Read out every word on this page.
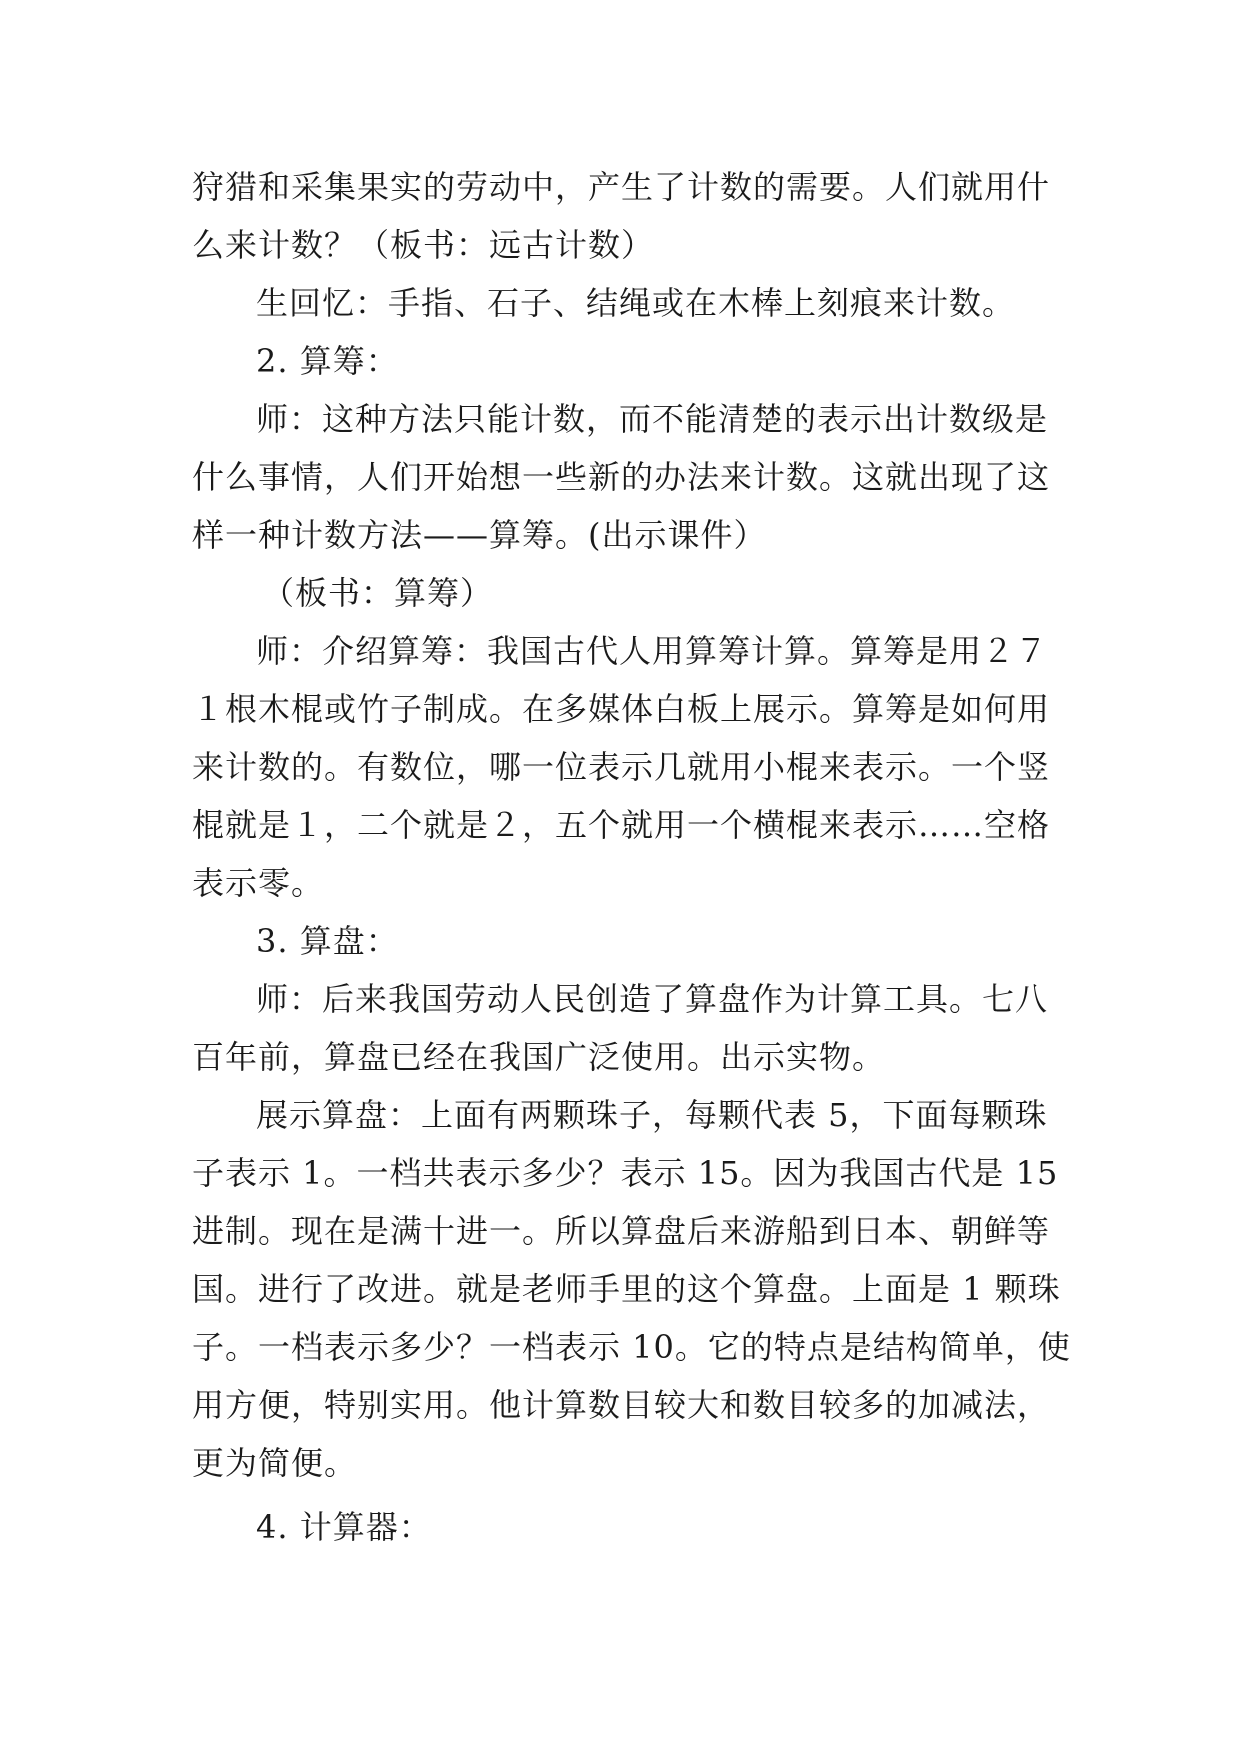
狩猎和采集果实的劳动中，产生了计数的需要。人们就用什
么来计数？（板书：远古计数）
生回忆：手指、石子、结绳或在木棒上刻痕来计数。
2. 算筹：
师：这种方法只能计数，而不能清楚的表示出计数级是
什么事情，人们开始想一些新的办法来计数。这就出现了这
样一种计数方法——算筹。(出示课件）
（板书：算筹）
师：介绍算筹：我国古代人用算筹计算。算筹是用２７
１根木棍或竹子制成。在多媒体白板上展示。算筹是如何用
来计数的。有数位，哪一位表示几就用小棍来表示。一个竖
棍就是１，二个就是２，五个就用一个横棍来表示……空格
表示零。
3. 算盘：
师：后来我国劳动人民创造了算盘作为计算工具。七八
百年前，算盘已经在我国广泛使用。出示实物。
展示算盘：上面有两颗珠子，每颗代表 5，下面每颗珠
子表示 1。一档共表示多少？表示 15。因为我国古代是 15
进制。现在是满十进一。所以算盘后来游船到日本、朝鲜等
国。进行了改进。就是老师手里的这个算盘。上面是 1 颗珠
子。一档表示多少？一档表示 10。它的特点是结构简单，使
用方便，特别实用。他计算数目较大和数目较多的加减法，
更为简便。
4. 计算器：
